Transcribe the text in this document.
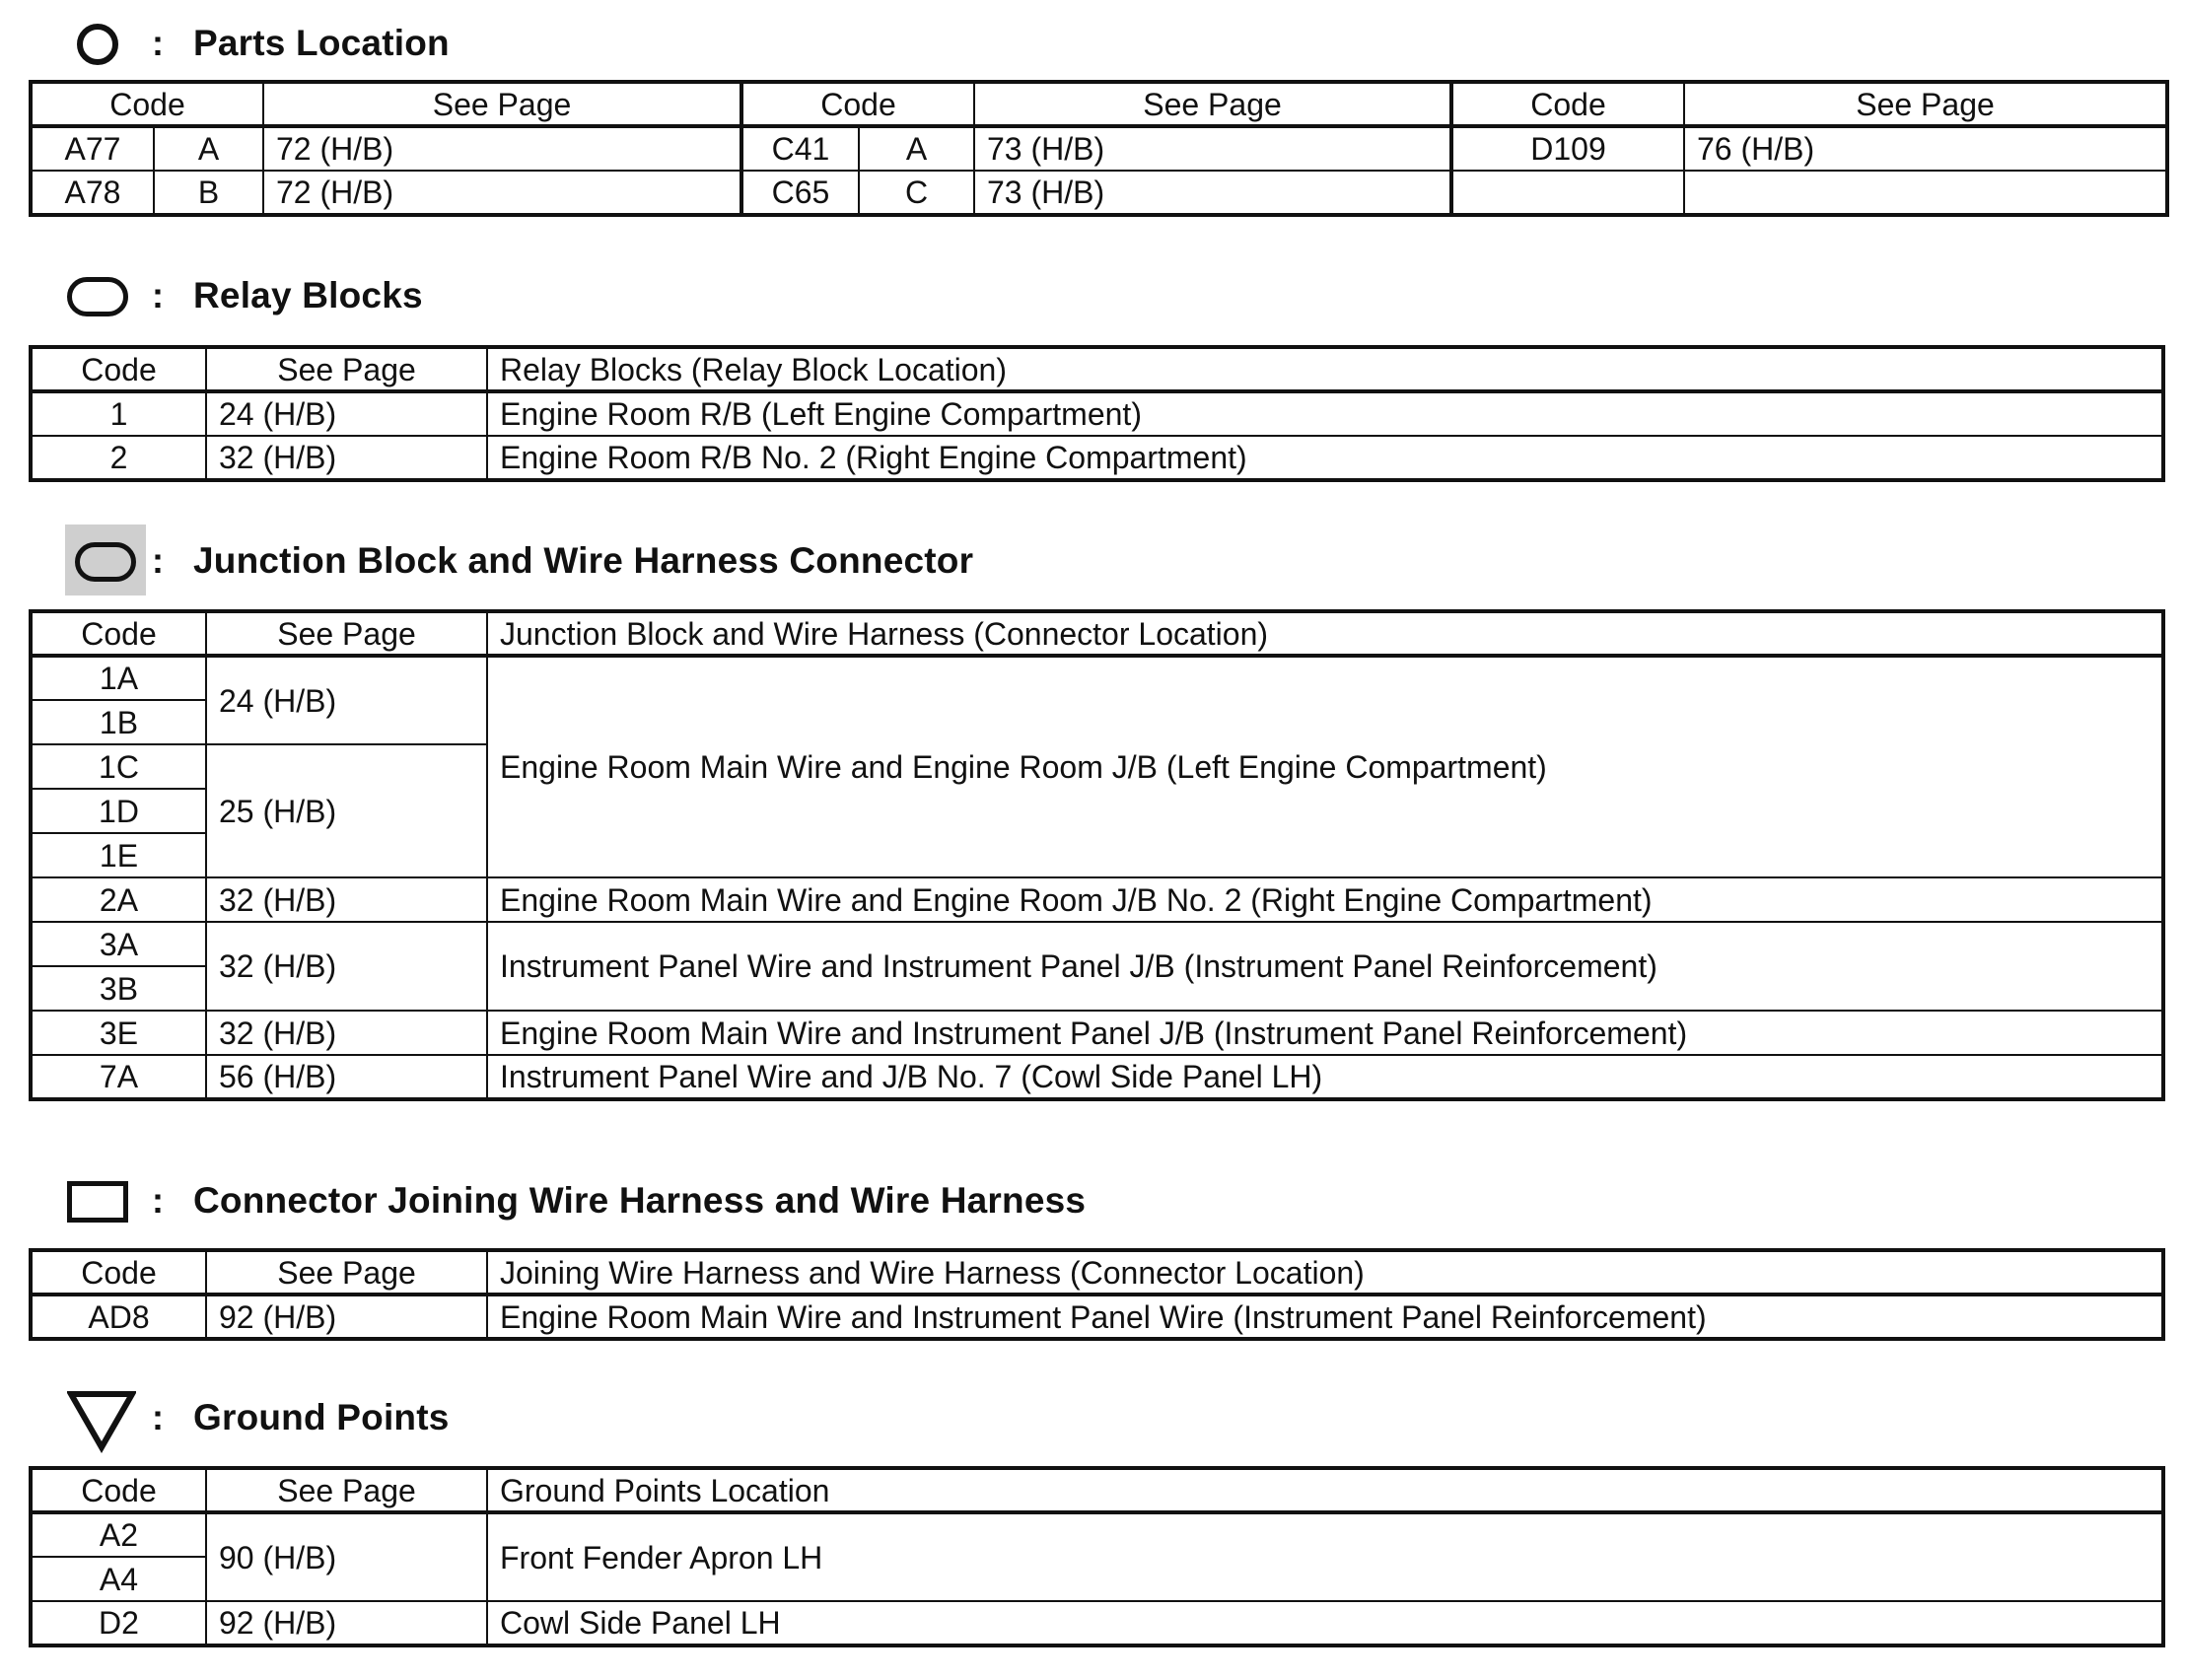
: Parts Location
Code		See Page	Code		See Page	Code	See Page
A77	A	72 (H/B)	C41	A	73 (H/B)	D109	76 (H/B)
A78	B	72 (H/B)	C65	C	73 (H/B)		
: Relay Blocks
Code	See Page	Relay Blocks (Relay Block Location)
1	24 (H/B)	Engine Room R/B (Left Engine Compartment)
2	32 (H/B)	Engine Room R/B No. 2 (Right Engine Compartment)
: Junction Block and Wire Harness Connector
Code	See Page	Junction Block and Wire Harness (Connector Location)
1A	24 (H/B)	Engine Room Main Wire and Engine Room J/B (Left Engine Compartment)
1B		
1C	25 (H/B)	
1D		
1E		
2A	32 (H/B)	Engine Room Main Wire and Engine Room J/B No. 2 (Right Engine Compartment)
3A	32 (H/B)	Instrument Panel Wire and Instrument Panel J/B (Instrument Panel Reinforcement)
3B		
3E	32 (H/B)	Engine Room Main Wire and Instrument Panel J/B (Instrument Panel Reinforcement)
7A	56 (H/B)	Instrument Panel Wire and J/B No. 7 (Cowl Side Panel LH)
: Connector Joining Wire Harness and Wire Harness
Code	See Page	Joining Wire Harness and Wire Harness (Connector Location)
AD8	92 (H/B)	Engine Room Main Wire and Instrument Panel Wire (Instrument Panel Reinforcement)
: Ground Points
Code	See Page	Ground Points Location
A2	90 (H/B)	Front Fender Apron LH
A4		
D2	92 (H/B)	Cowl Side Panel LH
